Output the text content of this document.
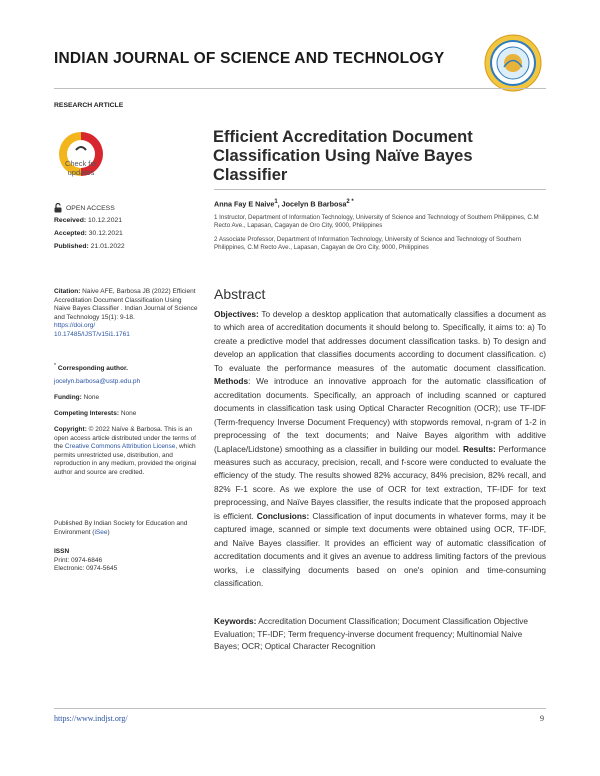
INDIAN JOURNAL OF SCIENCE AND TECHNOLOGY
RESEARCH ARTICLE
Check for
updates
Efficient Accreditation Document
Classification Using Naïve Bayes
Classifier
OPEN ACCESS
Received: 10.12.2021
Accepted: 30.12.2021
Published: 21.01.2022
Anna Fay E Naive$^1$, Jocelyn B Barbosa$^{2 *}$
1 Instructor, Department of Information Technology, University of Science and Technology of Southern Philippines, C.M Recto Ave., Lapasan, Cagayan de Oro City, 9000, Philippines
2 Associate Professor, Department of Information Technology, University of Science and Technology of Southern Philippines, C.M Recto Ave., Lapasan, Cagayan de Oro City, 9000, Philippines
Citation: Naive AFE, Barbosa JB (2022) Efficient Accreditation Document Classification Using Naive Bayes Classifier . Indian Journal of Science and Technology 15(1): 9-18.
https://doi.org/
10.17485/IJST/v15i1.1761
* Corresponding author.
jocelyn.barbosa@ustp.edu.ph
Funding: None
Competing Interests: None
Copyright: © 2022 Naïve & Barbosa. This is an open access article distributed under the terms of the Creative Commons Attribution License, which permits unrestricted use, distribution, and reproduction in any medium, provided the original author and source are credited.
Published By Indian Society for Education and Environment (iSee)
ISSN
Print: 0974-6846
Electronic: 0974-5645
Abstract
Objectives: To develop a desktop application that automatically classifies a document as to which area of accreditation documents it should belong to. Specifically, it aims to: a) To create a predictive model that addresses document classification tasks. b) To design and develop an application that classifies documents according to document classification. c) To evaluate the performance measures of the automatic document classification. Methods: We introduce an innovative approach for the automatic classification of accreditation documents. Specifically, an approach of including scanned or captured documents in classification task using Optical Character Recognition (OCR); use TF-IDF (Term-frequency Inverse Document Frequency) with stopwords removal, n-gram of 1-2 in preprocessing of the text documents; and Naive Bayes algorithm with additive (Laplace/Lidstone) smoothing as a classifier in building our model. Results: Performance measures such as accuracy, precision, recall, and f-score were conducted to evaluate the efficiency of the study. The results showed 82% accuracy, 84% precision, 82% recall, and 82% F-1 score. As we explore the use of OCR for text extraction, TF-IDF for text preprocessing, and Naïve Bayes classifier, the results indicate that the proposed approach is efficient. Conclusions: Classification of input documents in whatever forms, may it be captured image, scanned or simple text documents were obtained using OCR, TF-IDF, and Naïve Bayes classifier. It provides an efficient way of automatic classification of accreditation documents and it gives an avenue to address limiting factors of the previous works, i.e classifying documents based on one's opinion and time-consuming classification.
Keywords: Accreditation Document Classification; Document Classification Objective Evaluation; TF-IDF; Term frequency-inverse document frequency; Multinomial Naive Bayes; OCR; Optical Character Recognition
https://www.indjst.org/	9
